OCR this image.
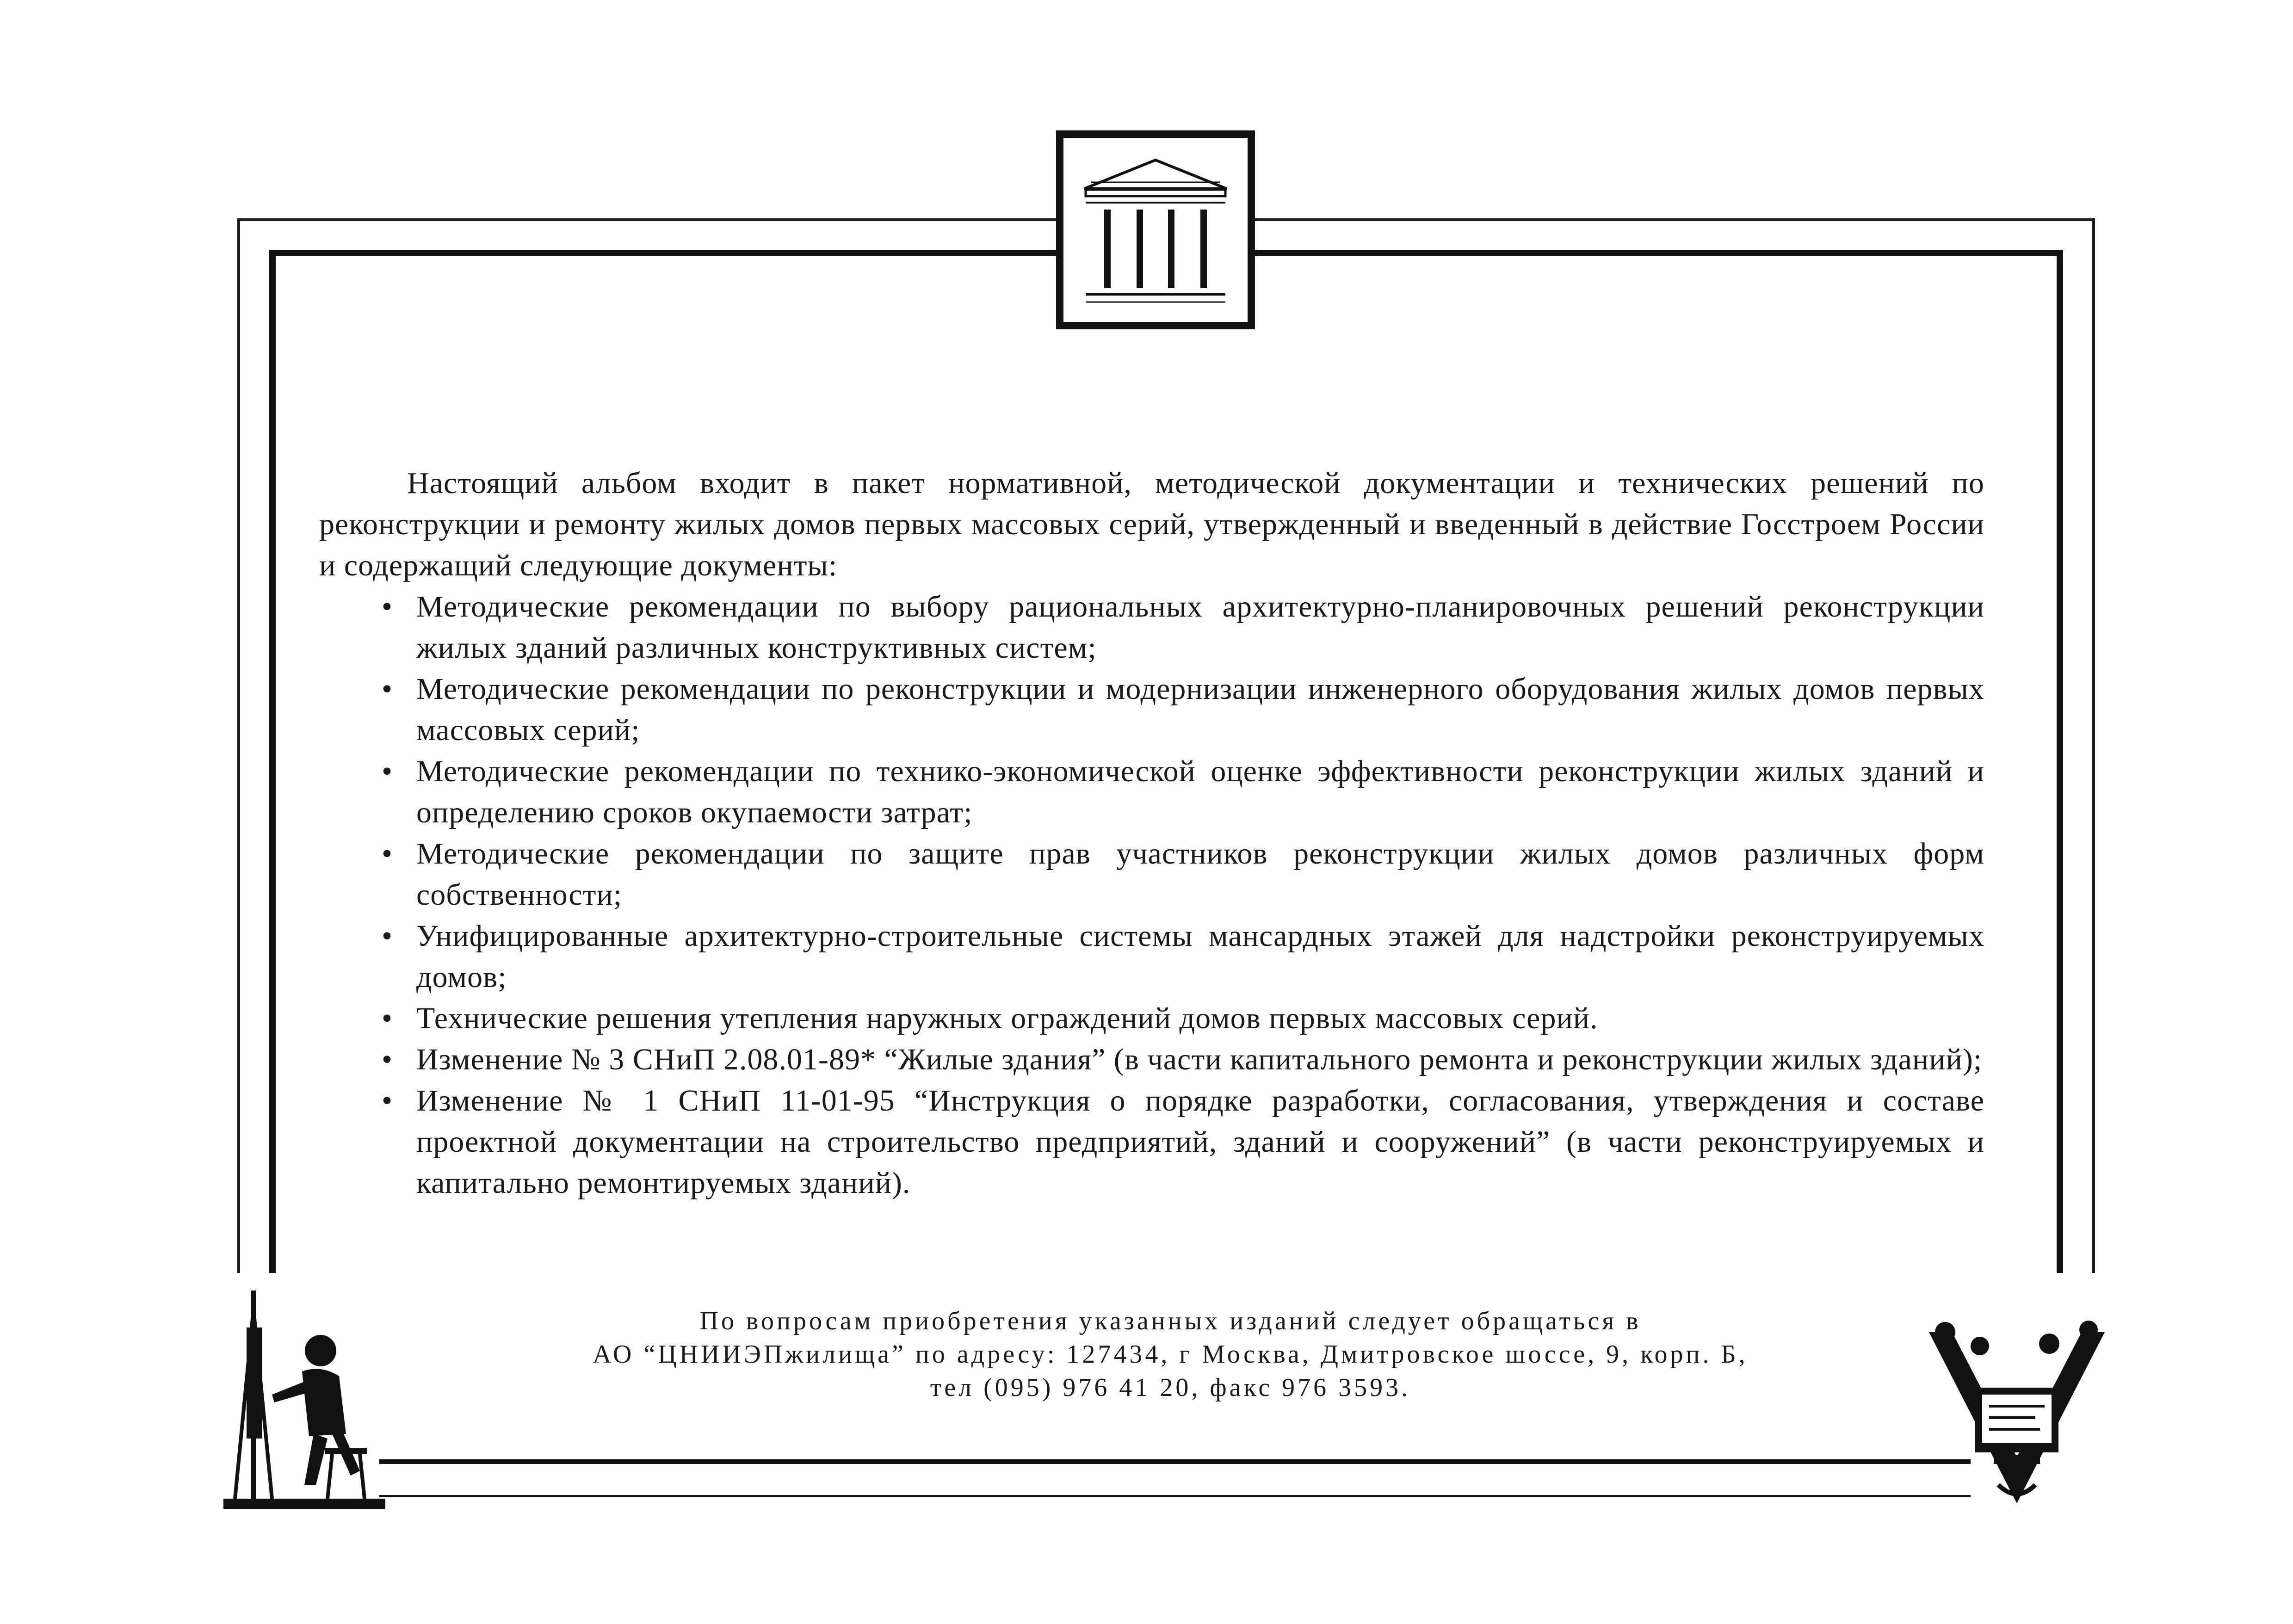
Настоящий альбом входит в пакет нормативной, методической документации и технических решений по реконструкции и ремонту жилых домов первых массовых серий, утвержденный и введенный в действие Госстроем России и содержащий следующие документы:

• Методические рекомендации по выбору рациональных архитектурно-планировочных решений реконструкции жилых зданий различных конструктивных систем;
• Методические рекомендации по реконструкции и модернизации инженерного оборудования жилых домов первых массовых серий;
• Методические рекомендации по технико-экономической оценке эффективности реконструкции жилых зданий и определению сроков окупаемости затрат;
• Методические рекомендации по защите прав участников реконструкции жилых домов различных форм собственности;
• Унифицированные архитектурно-строительные системы мансардных этажей для надстройки реконструируемых домов;
• Технические решения утепления наружных ограждений домов первых массовых серий.
• Изменение № 3 СНиП 2.08.01-89* “Жилые здания” (в части капитального ремонта и реконструкции жилых зданий);
• Изменение № 1 СНиП 11-01-95 “Инструкция о порядке разработки, согласования, утверждения и составе проектной документации на строительство предприятий, зданий и сооружений” (в части реконструируемых и капитально ремонтируемых зданий).
По вопросам приобретения указанных изданий следует обращаться в
АО “ЦНИИЭПжилища” по адресу: 127434, г Москва, Дмитровское шоссе, 9, корп. Б,
тел (095) 976 41 20, факс 976 3593.
